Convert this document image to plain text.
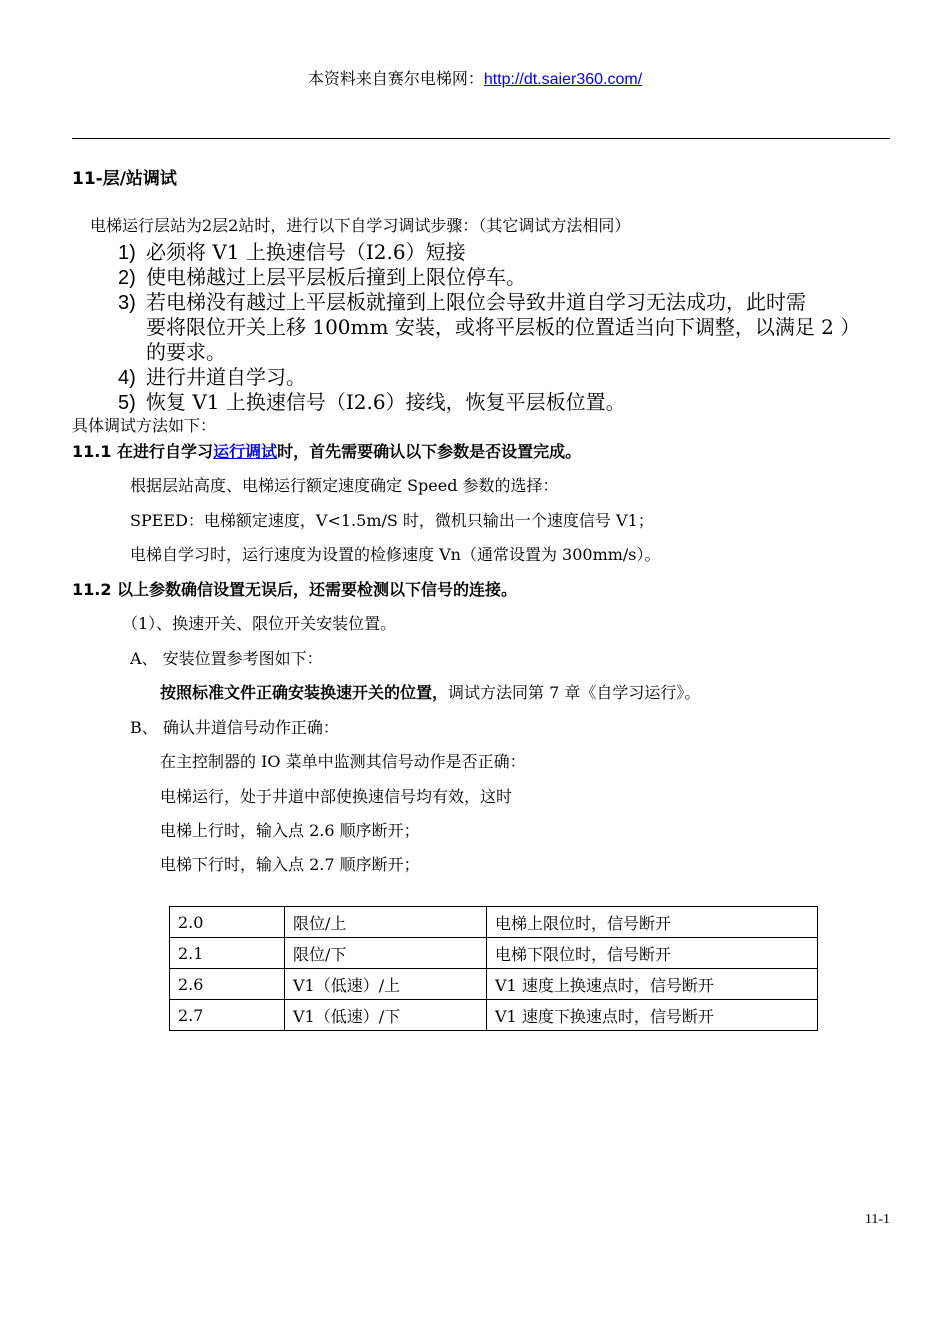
本资料来自赛尔电梯网：http://dt.saier360.com/
11-层/站调试
电梯运行层站为2层2站时，进行以下自学习调试步骤：（其它调试方法相同）
1) 必须将 V1 上换速信号（I2.6）短接
2) 使电梯越过上层平层板后撞到上限位停车。
3) 若电梯没有越过上平层板就撞到上限位会导致井道自学习无法成功，此时需
要将限位开关上移 100mm 安装，或将平层板的位置适当向下调整，以满足 2 ）
的要求。
4) 进行井道自学习。
5) 恢复 V1 上换速信号（I2.6）接线，恢复平层板位置。
具体调试方法如下：
11.1 在进行自学习运行调试时，首先需要确认以下参数是否设置完成。
根据层站高度、电梯运行额定速度确定 Speed 参数的选择：
SPEED：电梯额定速度，V<1.5m/S 时，微机只输出一个速度信号 V1；
电梯自学习时，运行速度为设置的检修速度 Vn（通常设置为 300mm/s）。
11.2 以上参数确信设置无误后，还需要检测以下信号的连接。
（1）、换速开关、限位开关安装位置。
A、 安装位置参考图如下：
按照标准文件正确安装换速开关的位置，调试方法同第 7 章《自学习运行》。
B、 确认井道信号动作正确：
在主控制器的 IO 菜单中监测其信号动作是否正确：
电梯运行，处于井道中部使换速信号均有效，这时
电梯上行时，输入点 2.6 顺序断开；
电梯下行时，输入点 2.7 顺序断开；
2.0	限位/上	电梯上限位时，信号断开
2.1	限位/下	电梯下限位时，信号断开
2.6	V1（低速）/上	V1 速度上换速点时，信号断开
2.7	V1（低速）/下	V1 速度下换速点时，信号断开
11-1
